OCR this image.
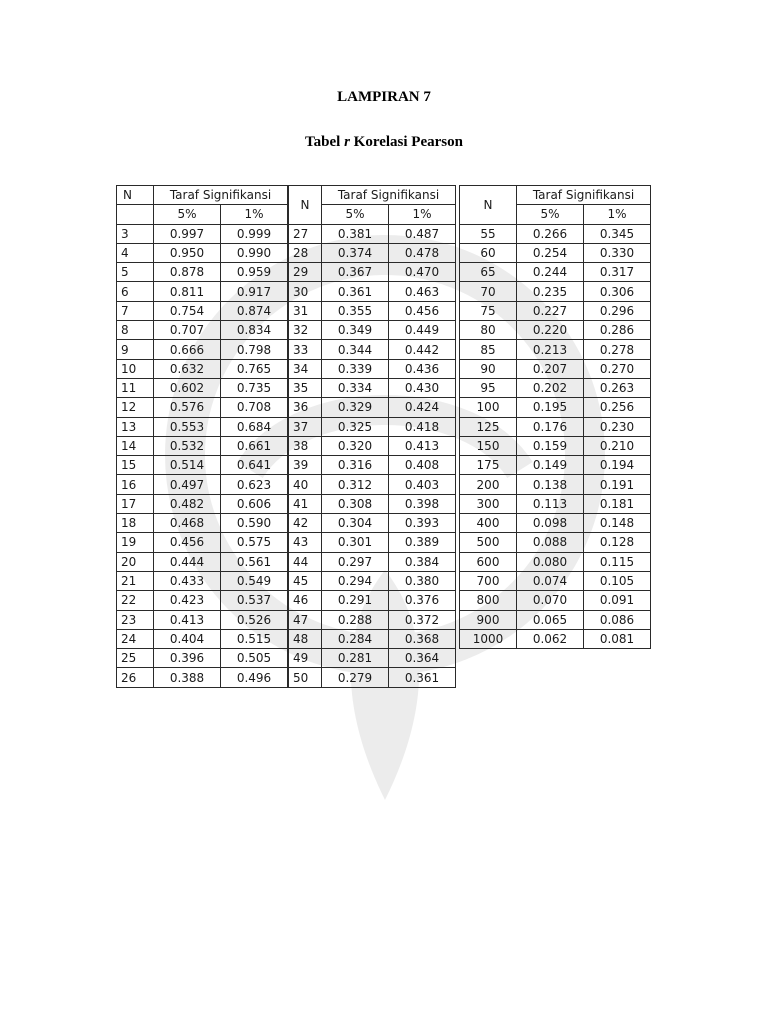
LAMPIRAN 7
Tabel r Korelasi Pearson
N	Taraf Signifikansi	
	5%	1%
3	0.997	0.999
4	0.950	0.990
5	0.878	0.959
6	0.811	0.917
7	0.754	0.874
8	0.707	0.834
9	0.666	0.798
10	0.632	0.765
11	0.602	0.735
12	0.576	0.708
13	0.553	0.684
14	0.532	0.661
15	0.514	0.641
16	0.497	0.623
17	0.482	0.606
18	0.468	0.590
19	0.456	0.575
20	0.444	0.561
21	0.433	0.549
22	0.423	0.537
23	0.413	0.526
24	0.404	0.515
25	0.396	0.505
26	0.388	0.496
N	Taraf Signifikansi	
	5%	1%
27	0.381	0.487
28	0.374	0.478
29	0.367	0.470
30	0.361	0.463
31	0.355	0.456
32	0.349	0.449
33	0.344	0.442
34	0.339	0.436
35	0.334	0.430
36	0.329	0.424
37	0.325	0.418
38	0.320	0.413
39	0.316	0.408
40	0.312	0.403
41	0.308	0.398
42	0.304	0.393
43	0.301	0.389
44	0.297	0.384
45	0.294	0.380
46	0.291	0.376
47	0.288	0.372
48	0.284	0.368
49	0.281	0.364
50	0.279	0.361
N	Taraf Signifikansi	
	5%	1%
55	0.266	0.345
60	0.254	0.330
65	0.244	0.317
70	0.235	0.306
75	0.227	0.296
80	0.220	0.286
85	0.213	0.278
90	0.207	0.270
95	0.202	0.263
100	0.195	0.256
125	0.176	0.230
150	0.159	0.210
175	0.149	0.194
200	0.138	0.191
300	0.113	0.181
400	0.098	0.148
500	0.088	0.128
600	0.080	0.115
700	0.074	0.105
800	0.070	0.091
900	0.065	0.086
1000	0.062	0.081
